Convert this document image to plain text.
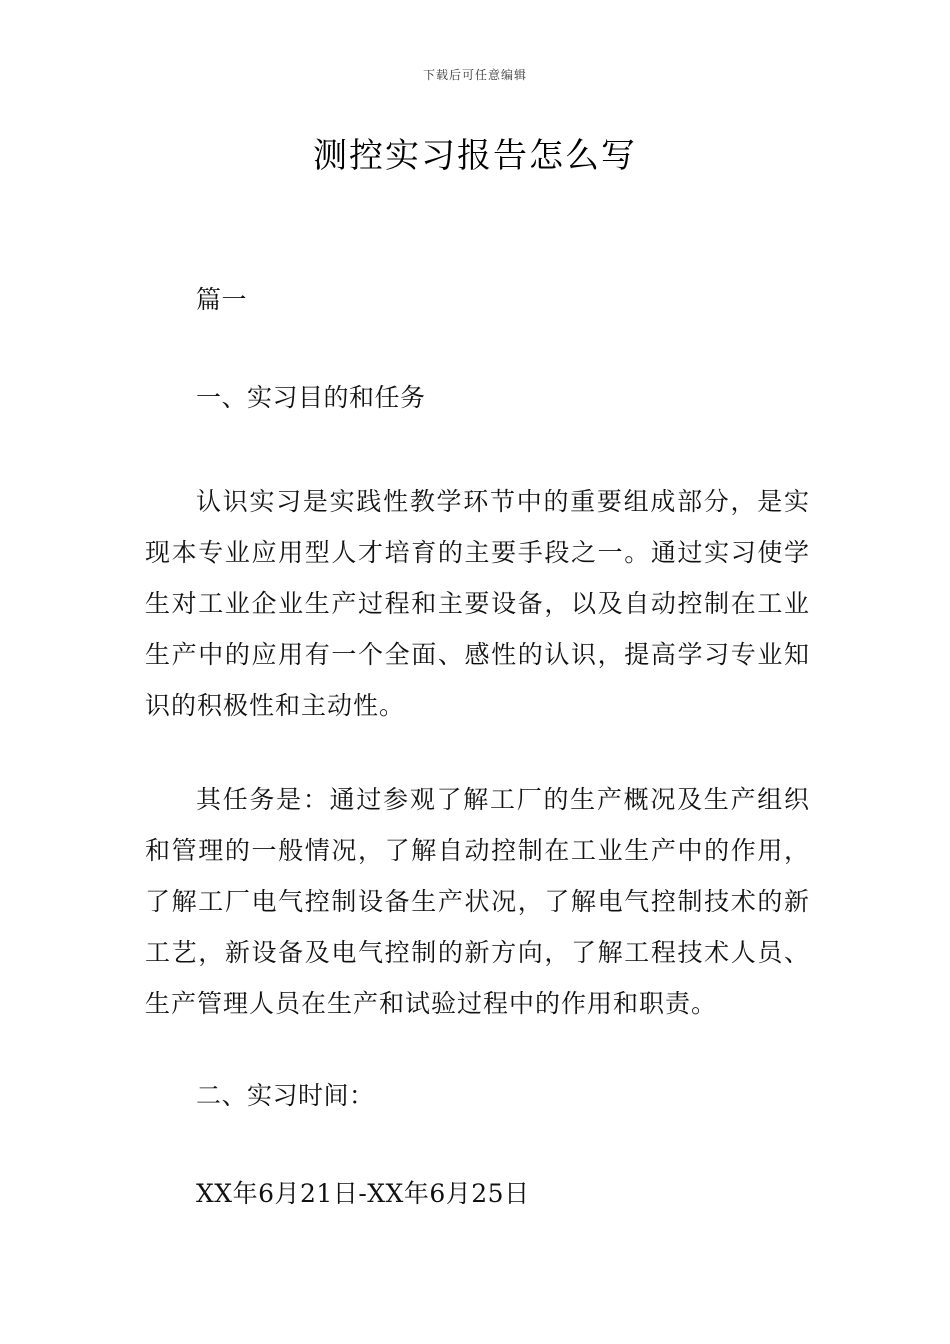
下载后可任意编辑
测控实习报告怎么写
篇一
一、实习目的和任务

认识实习是实践性教学环节中的重要组成部分，是实现本专业应用型人才培育的主要手段之一。通过实习使学生对工业企业生产过程和主要设备，以及自动控制在工业生产中的应用有一个全面、感性的认识，提高学习专业知识的积极性和主动性。

其任务是：通过参观了解工厂的生产概况及生产组织和管理的一般情况，了解自动控制在工业生产中的作用，了解工厂电气控制设备生产状况，了解电气控制技术的新工艺，新设备及电气控制的新方向，了解工程技术人员、生产管理人员在生产和试验过程中的作用和职责。

二、实习时间：
XX年6月21日-XX年6月25日
